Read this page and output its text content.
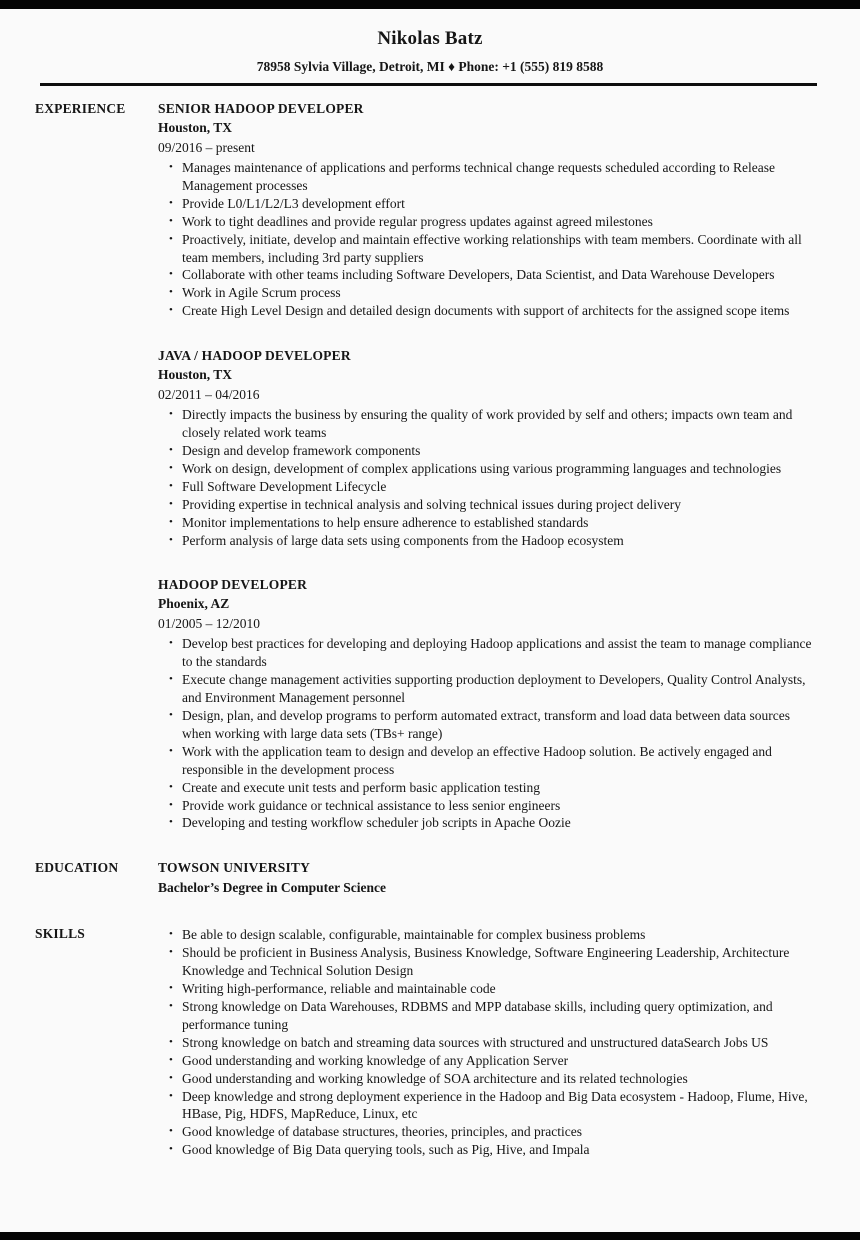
Nikolas Batz

78958 Sylvia Village, Detroit, MI ♦ Phone: +1 (555) 819 8588

EXPERIENCE	SENIOR HADOOP DEVELOPER
Houston, TX
09/2016 – present
• Manages maintenance of applications and performs technical change requests scheduled according to Release Management processes
• Provide L0/L1/L2/L3 development effort
• Work to tight deadlines and provide regular progress updates against agreed milestones
• Proactively, initiate, develop and maintain effective working relationships with team members. Coordinate with all team members, including 3rd party suppliers
• Collaborate with other teams including Software Developers, Data Scientist, and Data Warehouse Developers
• Work in Agile Scrum process
• Create High Level Design and detailed design documents with support of architects for the assigned scope items
JAVA / HADOOP DEVELOPER
Houston, TX
02/2011 – 04/2016
• Directly impacts the business by ensuring the quality of work provided by self and others; impacts own team and closely related work teams
• Design and develop framework components
• Work on design, development of complex applications using various programming languages and technologies
• Full Software Development Lifecycle
• Providing expertise in technical analysis and solving technical issues during project delivery
• Monitor implementations to help ensure adherence to established standards
• Perform analysis of large data sets using components from the Hadoop ecosystem
HADOOP DEVELOPER
Phoenix, AZ
01/2005 – 12/2010
• Develop best practices for developing and deploying Hadoop applications and assist the team to manage compliance to the standards
• Execute change management activities supporting production deployment to Developers, Quality Control Analysts, and Environment Management personnel
• Design, plan, and develop programs to perform automated extract, transform and load data between data sources when working with large data sets (TBs+ range)
• Work with the application team to design and develop an effective Hadoop solution. Be actively engaged and responsible in the development process
• Create and execute unit tests and perform basic application testing
• Provide work guidance or technical assistance to less senior engineers
• Developing and testing workflow scheduler job scripts in Apache Oozie
EDUCATION	TOWSON UNIVERSITY
Bachelor’s Degree in Computer Science
SKILLS	• Be able to design scalable, configurable, maintainable for complex business problems
• Should be proficient in Business Analysis, Business Knowledge, Software Engineering Leadership, Architecture Knowledge and Technical Solution Design
• Writing high-performance, reliable and maintainable code
• Strong knowledge on Data Warehouses, RDBMS and MPP database skills, including query optimization, and performance tuning
• Strong knowledge on batch and streaming data sources with structured and unstructured dataSearch Jobs US
• Good understanding and working knowledge of any Application Server
• Good understanding and working knowledge of SOA architecture and its related technologies
• Deep knowledge and strong deployment experience in the Hadoop and Big Data ecosystem - Hadoop, Flume, Hive, HBase, Pig, HDFS, MapReduce, Linux, etc
• Good knowledge of database structures, theories, principles, and practices
• Good knowledge of Big Data querying tools, such as Pig, Hive, and Impala
